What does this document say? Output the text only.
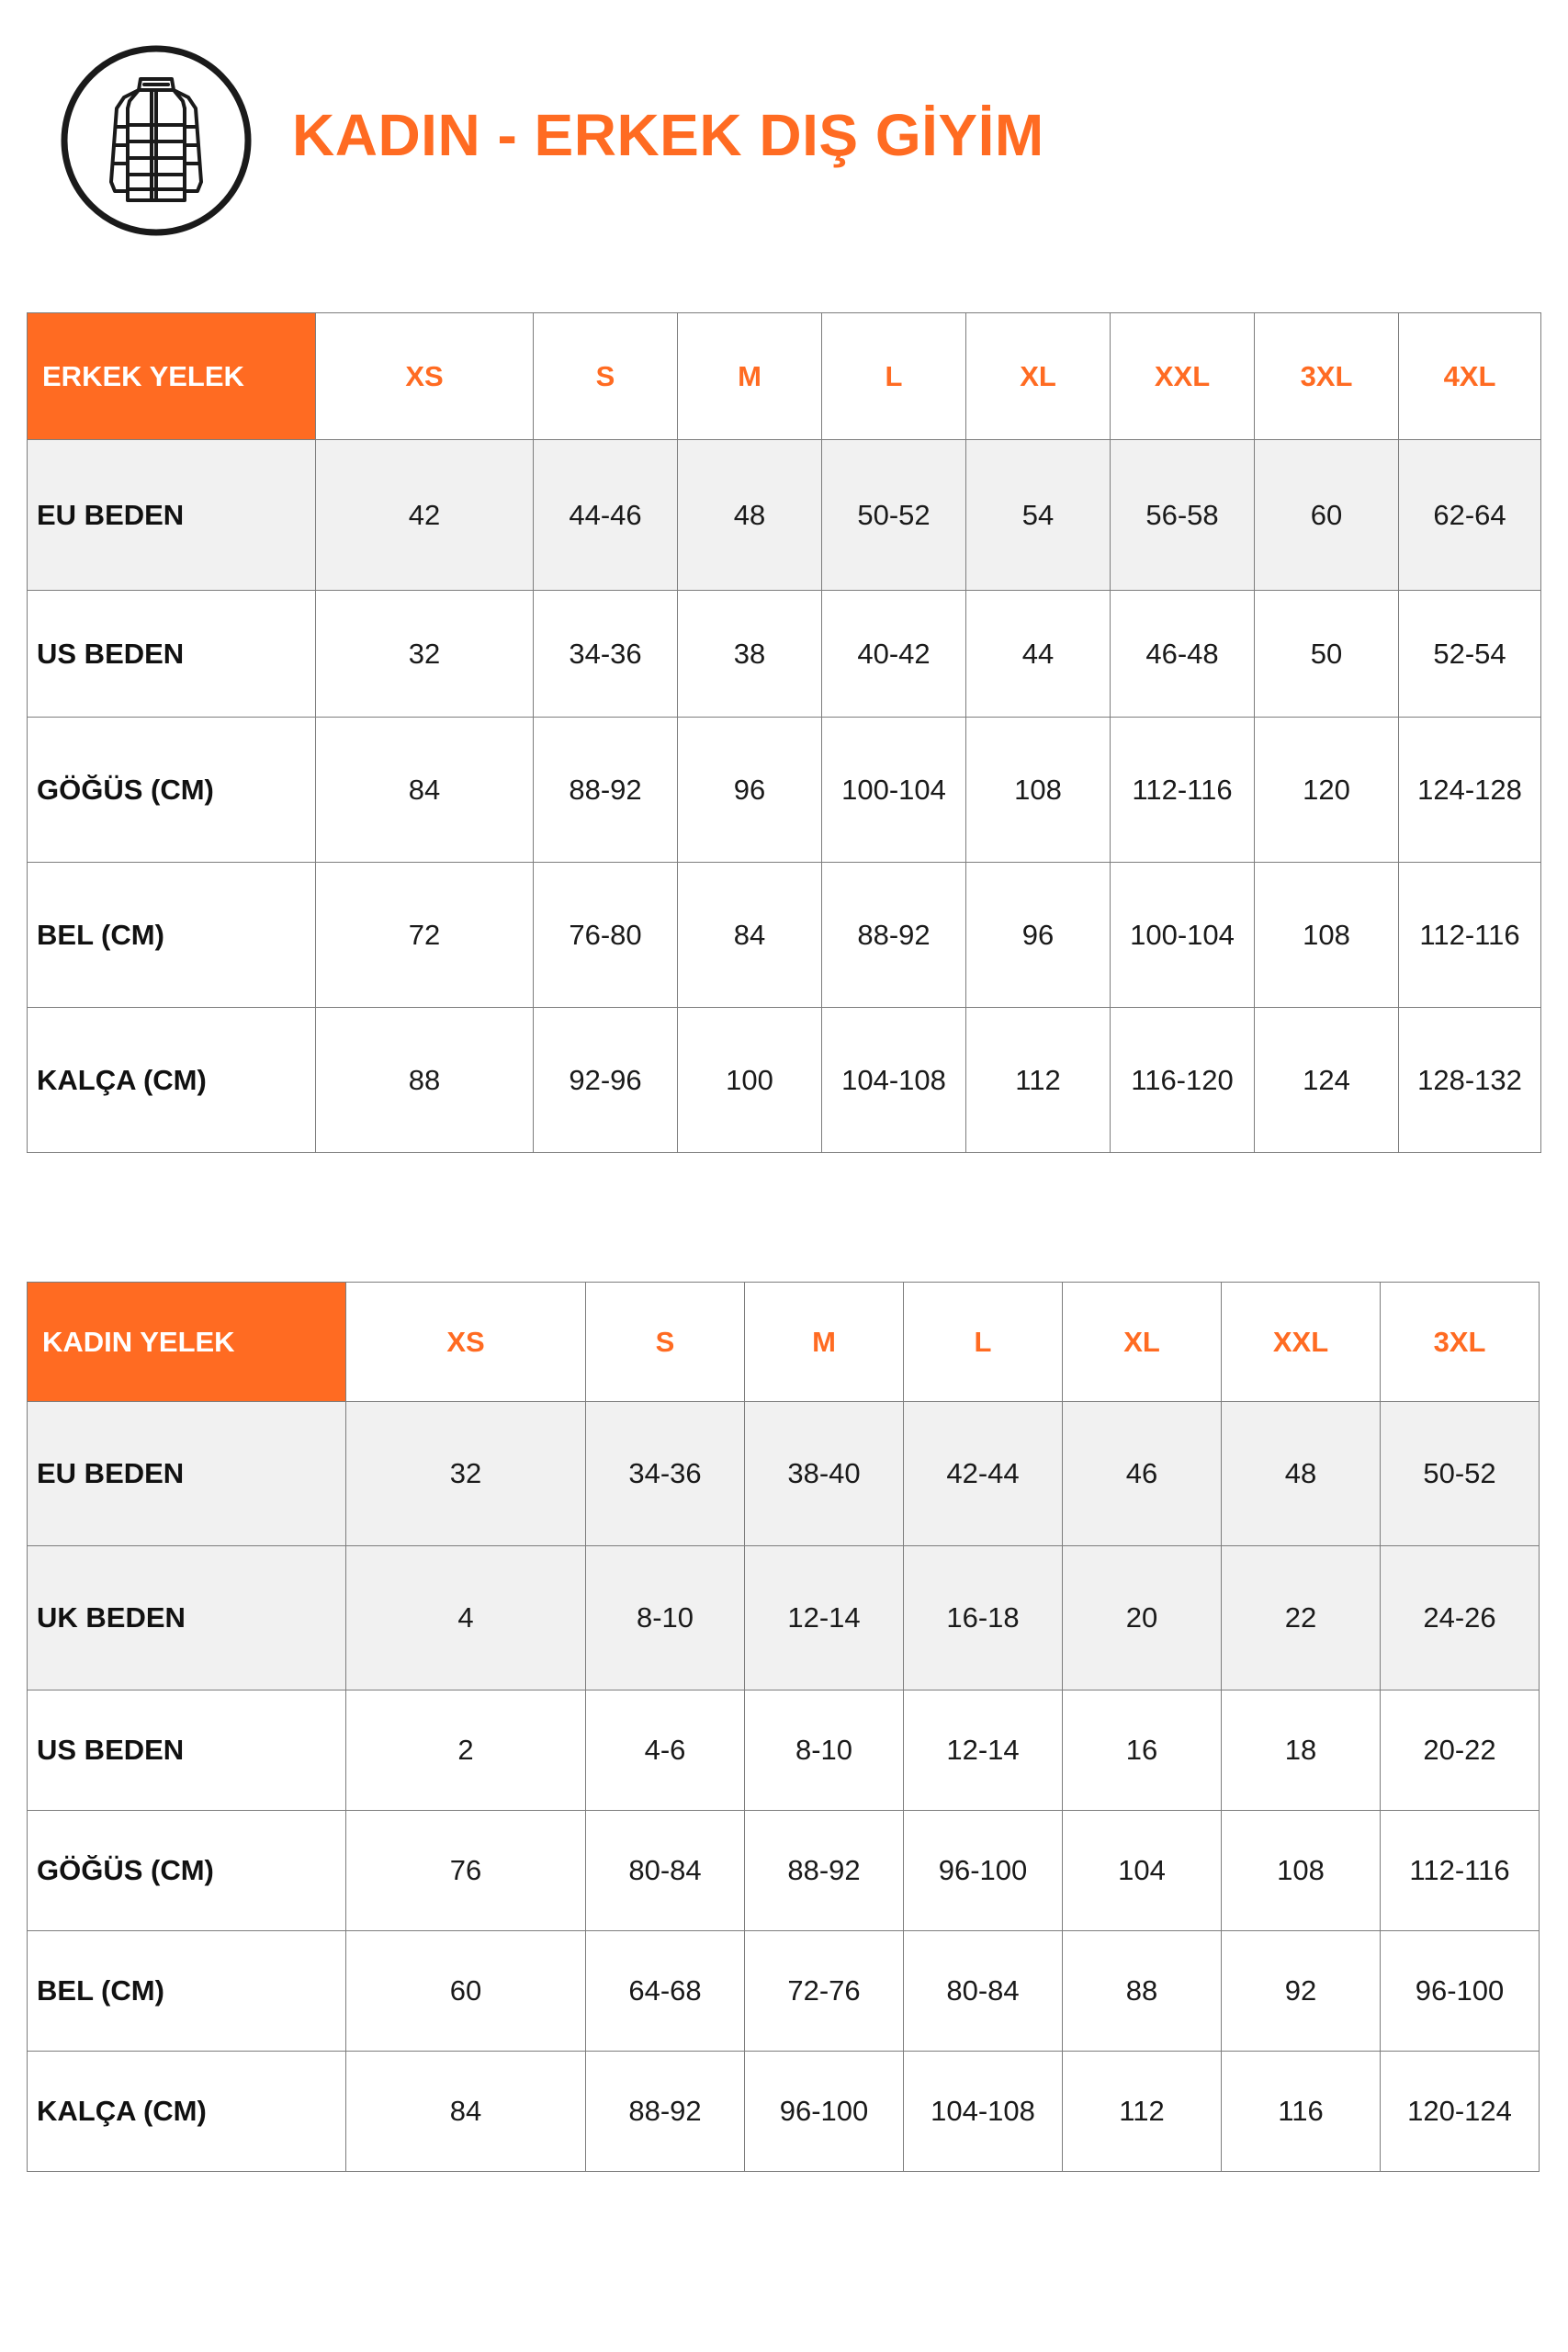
KADIN - ERKEK DIŞ GİYİM
ERKEK YELEK	XS	S	M	L	XL	XXL	3XL	4XL
EU BEDEN	42	44-46	48	50-52	54	56-58	60	62-64
US BEDEN	32	34-36	38	40-42	44	46-48	50	52-54
GÖĞÜS (CM)	84	88-92	96	100-104	108	112-116	120	124-128
BEL (CM)	72	76-80	84	88-92	96	100-104	108	112-116
KALÇA (CM)	88	92-96	100	104-108	112	116-120	124	128-132
KADIN YELEK	XS	S	M	L	XL	XXL	3XL
EU BEDEN	32	34-36	38-40	42-44	46	48	50-52
UK BEDEN	4	8-10	12-14	16-18	20	22	24-26
US BEDEN	2	4-6	8-10	12-14	16	18	20-22
GÖĞÜS (CM)	76	80-84	88-92	96-100	104	108	112-116
BEL (CM)	60	64-68	72-76	80-84	88	92	96-100
KALÇA (CM)	84	88-92	96-100	104-108	112	116	120-124
